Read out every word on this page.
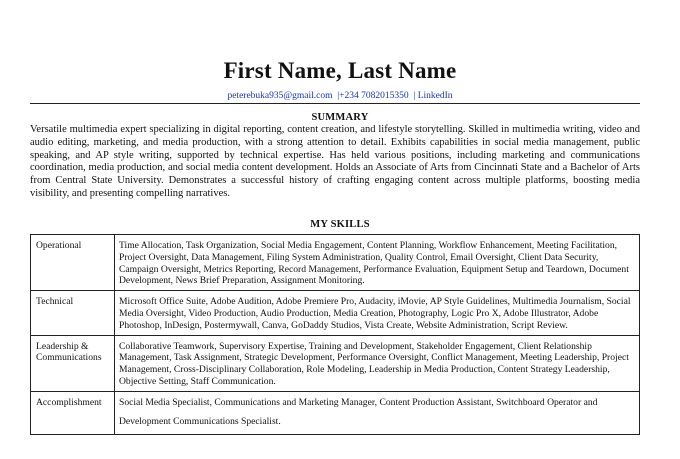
First Name, Last Name
peterebuka935@gmail.com |+234 7082015350 | LinkedIn
SUMMARY
Versatile multimedia expert specializing in digital reporting, content creation, and lifestyle storytelling. Skilled in multimedia writing, video and audio editing, marketing, and media production, with a strong attention to detail. Exhibits capabilities in social media management, public speaking, and AP style writing, supported by technical expertise. Has held various positions, including marketing and communications coordination, media production, and social media content development. Holds an Associate of Arts from Cincinnati State and a Bachelor of Arts from Central State University. Demonstrates a successful history of crafting engaging content across multiple platforms, boosting media visibility, and presenting compelling narratives.
MY SKILLS
Operational	Time Allocation, Task Organization, Social Media Engagement, Content Planning, Workflow Enhancement, Meeting Facilitation, Project Oversight, Data Management, Filing System Administration, Quality Control, Email Oversight, Client Data Security, Campaign Oversight, Metrics Reporting, Record Management, Performance Evaluation, Equipment Setup and Teardown, Document Development, News Brief Preparation, Assignment Monitoring.
Technical	Microsoft Office Suite, Adobe Audition, Adobe Premiere Pro, Audacity, iMovie, AP Style Guidelines, Multimedia Journalism, Social Media Oversight, Video Production, Audio Production, Media Creation, Photography, Logic Pro X, Adobe Illustrator, Adobe Photoshop, InDesign, Postermywall, Canva, GoDaddy Studios, Vista Create, Website Administration, Script Review.
Leadership & Communications	Collaborative Teamwork, Supervisory Expertise, Training and Development, Stakeholder Engagement, Client Relationship Management, Task Assignment, Strategic Development, Performance Oversight, Conflict Management, Meeting Leadership, Project Management, Cross-Disciplinary Collaboration, Role Modeling, Leadership in Media Production, Content Strategy Leadership, Objective Setting, Staff Communication.
Accomplishment	Social Media Specialist, Communications and Marketing Manager, Content Production Assistant, Switchboard Operator and Development Communications Specialist.
